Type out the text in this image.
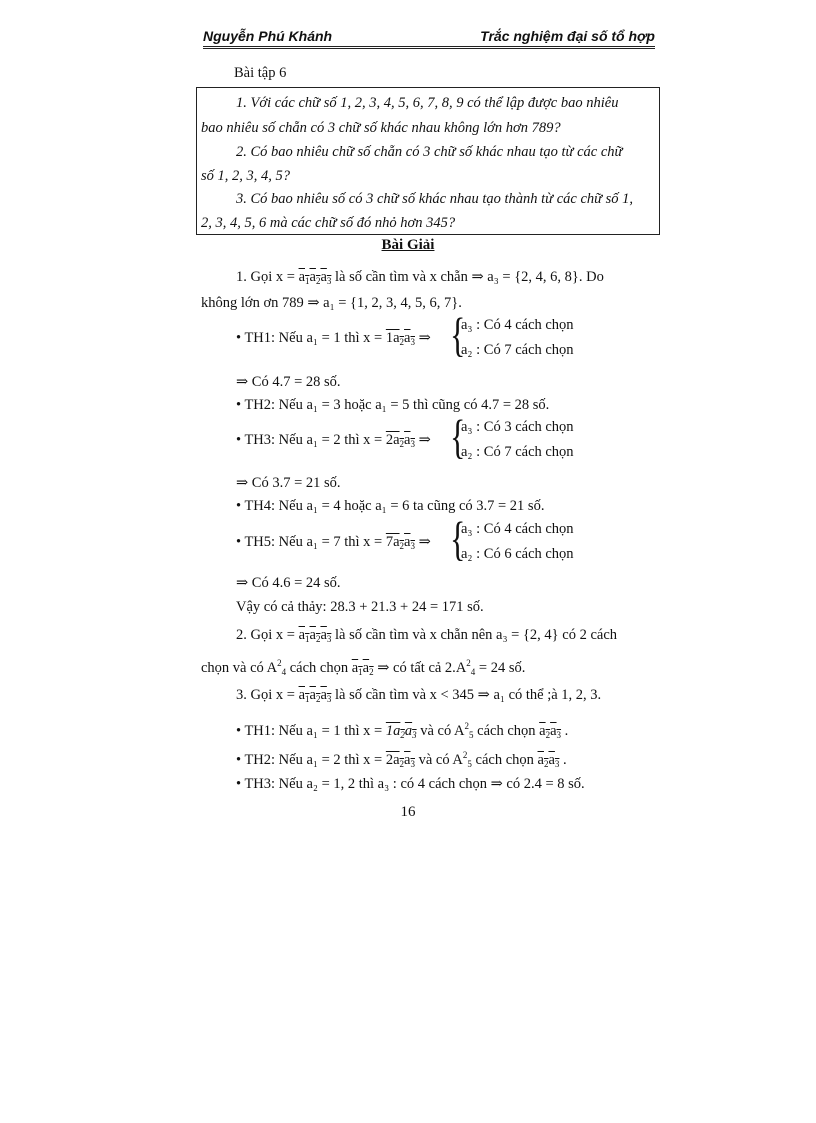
Nguyễn Phú Khánh	Trắc nghiệm đại số tổ hợp
Bài tập 6
1. Với các chữ số 1, 2, 3, 4, 5, 6, 7, 8, 9 có thể lập được bao nhiêu
bao nhiêu số chẵn có 3 chữ số khác nhau không lớn hơn 789?
2. Có bao nhiêu chữ số chẵn có 3 chữ số khác nhau tạo từ các chữ
số 1, 2, 3, 4, 5?
3. Có bao nhiêu số có 3 chữ số khác nhau tạo thành từ các chữ số 1,
2, 3, 4, 5, 6 mà các chữ số đó nhỏ hơn 345?
Bài Giải
1. Gọi $x = a_1a_2a_3$ là số cần tìm và x chẵn ⇒ a₃ = {2, 4, 6, 8}. Do
không lớn ơn 789 ⇒ a₁ = {1, 2, 3, 4, 5, 6, 7}.
• TH1: Nếu a₁ = 1 thì $x = 1a_2a_3$ ⇒ {
a₃ : Có 4 cách chọn
a₂ : Có 7 cách chọn
⇒ Có 4.7 = 28 số.
• TH2: Nếu a₁ = 3 hoặc a₁ = 5 thì cũng có 4.7 = 28 số.
• TH3: Nếu a₁ = 2 thì $x = 2a_2a_3$ ⇒ {
a₃ : Có 3 cách chọn
a₂ : Có 7 cách chọn
⇒ Có 3.7 = 21 số.
• TH4: Nếu a₁ = 4 hoặc a₁ = 6 ta cũng có 3.7 = 21 số.
• TH5: Nếu a₁ = 7 thì $x = 7a_2a_3$ ⇒ {
a₃ : Có 4 cách chọn
a₂ : Có 6 cách chọn
⇒ Có 4.6 = 24 số.
Vậy có cả thảy: 28.3 + 21.3 + 24 = 171 số.
2. Gọi $x = a_1a_2a_3$ là số cần tìm và x chẵn nên a₃ = {2, 4} có 2 cách
chọn và có $A^2_4$ cách chọn $a_1a_2$ ⇒ có tất cả $2.A^2_4 = 24$ số.
3. Gọi $x = a_1a_2a_3$ là số cần tìm và x < 345 ⇒ a₁ có thể ;à 1, 2, 3.
• TH1: Nếu a₁ = 1 thì $x = 1a_2a_3$ và có $A^2_5$ cách chọn $a_2a_3$ .
• TH2: Nếu a₁ = 2 thì $x = 2a_2a_3$ và có $A^2_5$ cách chọn $a_2a_3$ .
• TH3: Nếu a₂ = 1, 2 thì a₃ : có 4 cách chọn ⇒ có 2.4 = 8 số.
16
